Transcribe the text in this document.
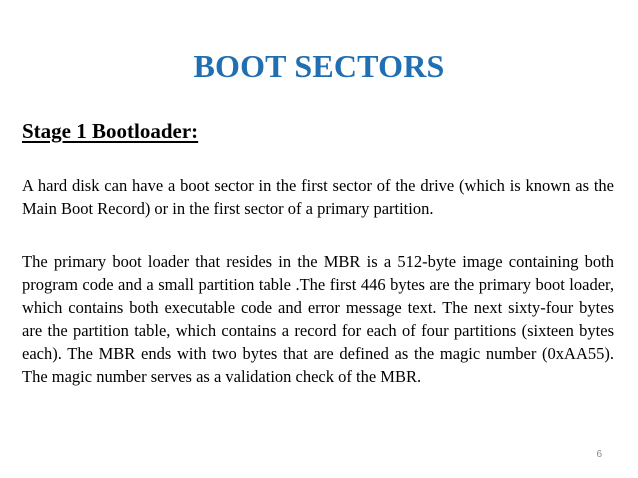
BOOT SECTORS
Stage 1 Bootloader:

A hard disk can have a boot sector in the first sector of the drive (which is known as the Main Boot Record) or in the first sector of a primary partition.

The primary boot loader that resides in the MBR is a 512-byte image containing both program code and a small partition table .The first 446 bytes are the primary boot loader, which contains both executable code and error message text. The next sixty-four bytes are the partition table, which contains a record for each of four partitions (sixteen bytes each). The MBR ends with two bytes that are defined as the magic number (0xAA55). The magic number serves as a validation check of the MBR.

6
